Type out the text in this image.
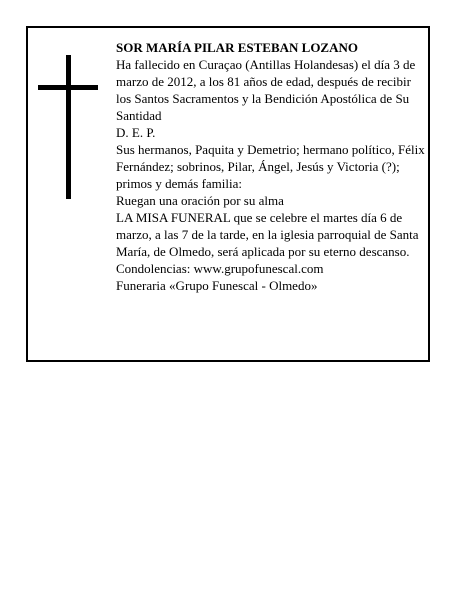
SOR MARÍA PILAR ESTEBAN LOZANO

Ha fallecido en Curaçao (Antillas Holandesas) el día 3 de marzo de 2012, a los 81 años de edad, después de recibir los Santos Sacramentos y la Bendición Apostólica de Su Santidad

D. E. P.

Sus hermanos, Paquita y Demetrio; hermano político, Félix Fernández; sobrinos, Pilar, Ángel, Jesús y Victoria (?); primos y demás familia:

Ruegan una oración por su alma

LA MISA FUNERAL que se celebre el martes día 6 de marzo, a las 7 de la tarde, en la iglesia parroquial de Santa María, de Olmedo, será aplicada por su eterno descanso.

Condolencias: www.grupofunescal.com

Funeraria «Grupo Funescal - Olmedo»
